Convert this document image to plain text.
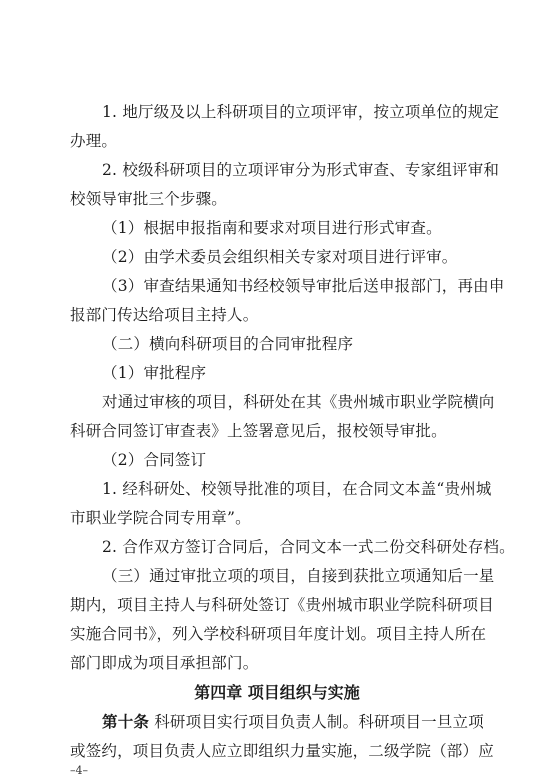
1. 地厅级及以上科研项目的立项评审，按立项单位的规定
办理。
2. 校级科研项目的立项评审分为形式审查、专家组评审和
校领导审批三个步骤。
（1）根据申报指南和要求对项目进行形式审查。
（2）由学术委员会组织相关专家对项目进行评审。
（3）审查结果通知书经校领导审批后送申报部门，再由申
报部门传达给项目主持人。
（二）横向科研项目的合同审批程序
（1）审批程序
对通过审核的项目，科研处在其《贵州城市职业学院横向
科研合同签订审查表》上签署意见后，报校领导审批。
（2）合同签订
1. 经科研处、校领导批准的项目，在合同文本盖“贵州城
市职业学院合同专用章”。
2. 合作双方签订合同后，合同文本一式二份交科研处存档。
（三）通过审批立项的项目，自接到获批立项通知后一星
期内，项目主持人与科研处签订《贵州城市职业学院科研项目
实施合同书》，列入学校科研项目年度计划。项目主持人所在
部门即成为项目承担部门。
第四章 项目组织与实施
第十条 科研项目实行项目负责人制。科研项目一旦立项
或签约，项目负责人应立即组织力量实施，二级学院（部）应
–4–
